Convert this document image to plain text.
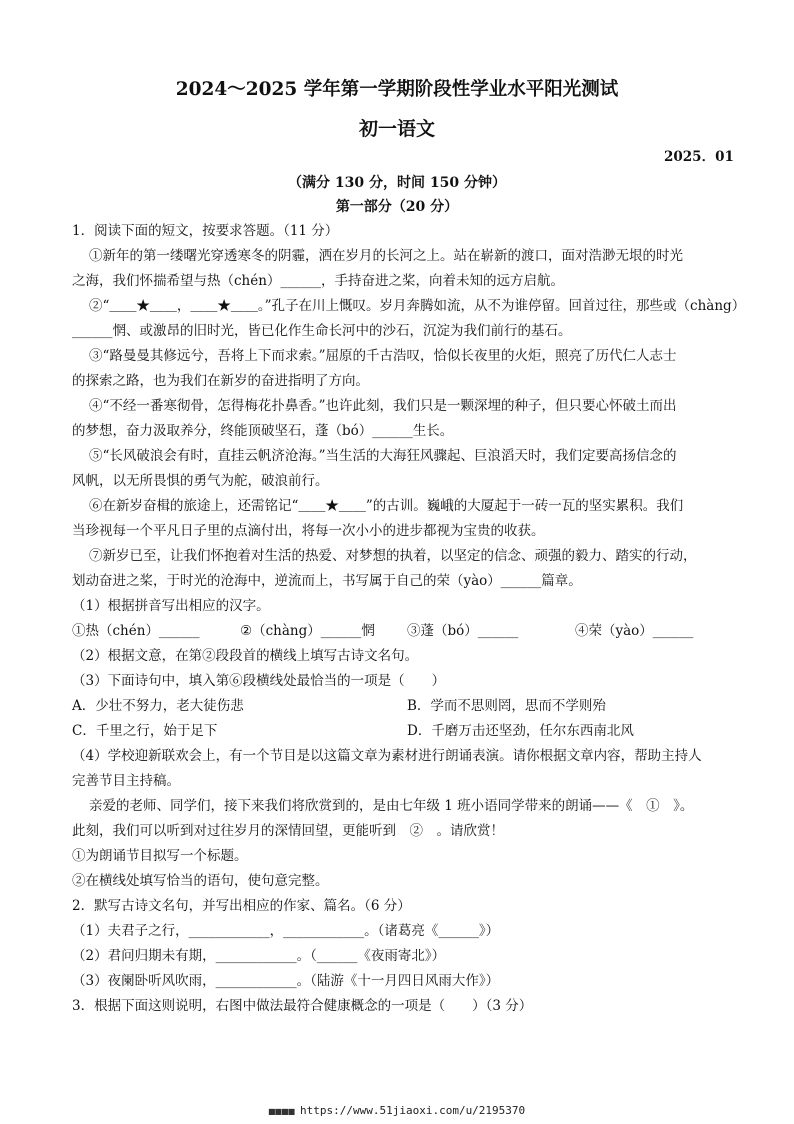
2024～2025 学年第一学期阶段性学业水平阳光测试
初一语文
2025．01
（满分 130 分，时间 150 分钟）
第一部分（20 分）
1．阅读下面的短文，按要求答题。（11 分）
①新年的第一缕曙光穿透寒冬的阴霾，洒在岁月的长河之上。站在崭新的渡口，面对浩渺无垠的时光
之海，我们怀揣希望与热（chén）______，手持奋进之桨，向着未知的远方启航。
②“＿＿★＿＿，＿＿★＿＿。”孔子在川上慨叹。岁月奔腾如流，从不为谁停留。回首过往，那些或（chàng）
______惘、或激昂的旧时光，皆已化作生命长河中的沙石，沉淀为我们前行的基石。
③“路曼曼其修远兮，吾将上下而求索。”屈原的千古浩叹，恰似长夜里的火炬，照亮了历代仁人志士
的探索之路，也为我们在新岁的奋进指明了方向。
④“不经一番寒彻骨，怎得梅花扑鼻香。”也许此刻，我们只是一颗深埋的种子，但只要心怀破土而出
的梦想，奋力汲取养分，终能顶破坚石，蓬（bó）______生长。
⑤“长风破浪会有时，直挂云帆济沧海。”当生活的大海狂风骤起、巨浪滔天时，我们定要高扬信念的
风帆，以无所畏惧的勇气为舵，破浪前行。
⑥在新岁奋楫的旅途上，还需铭记“＿＿★＿＿”的古训。巍峨的大厦起于一砖一瓦的坚实累积。我们
当珍视每一个平凡日子里的点滴付出，将每一次小小的进步都视为宝贵的收获。
⑦新岁已至，让我们怀抱着对生活的热爱、对梦想的执着，以坚定的信念、顽强的毅力、踏实的行动，
划动奋进之桨，于时光的沧海中，逆流而上，书写属于自己的荣（yào）______篇章。
（1）根据拼音写出相应的汉字。
①热（chén）______	②（chàng）______惘 ③蓬（bó）______	④荣（yào）______
（2）根据文意，在第②段段首的横线上填写古诗文名句。
（3）下面诗句中，填入第⑥段横线处最恰当的一项是（　　）
A．少壮不努力，老大徒伤悲	B．学而不思则罔，思而不学则殆
C．千里之行，始于足下	D．千磨万击还坚劲，任尔东西南北风
（4）学校迎新联欢会上，有一个节目是以这篇文章为素材进行朗诵表演。请你根据文章内容，帮助主持人
完善节目主持稿。
亲爱的老师、同学们，接下来我们将欣赏到的，是由七年级 1 班小语同学带来的朗诵——《　①　》。
此刻，我们可以听到对过往岁月的深情回望，更能听到　②　。请欣赏！
①为朗诵节目拟写一个标题。
②在横线处填写恰当的语句，使句意完整。
2．默写古诗文名句，并写出相应的作家、篇名。（6 分）
（1）夫君子之行，____________，____________。（诸葛亮《______》）
（2）君问归期未有期，____________。（______《夜雨寄北》）
（3）夜阑卧听风吹雨，____________。（陆游《十一月四日风雨大作》）
3．根据下面这则说明，右图中做法最符合健康概念的一项是（　　）（3 分）
■■■■ https://www.51jiaoxi.com/u/2195370
